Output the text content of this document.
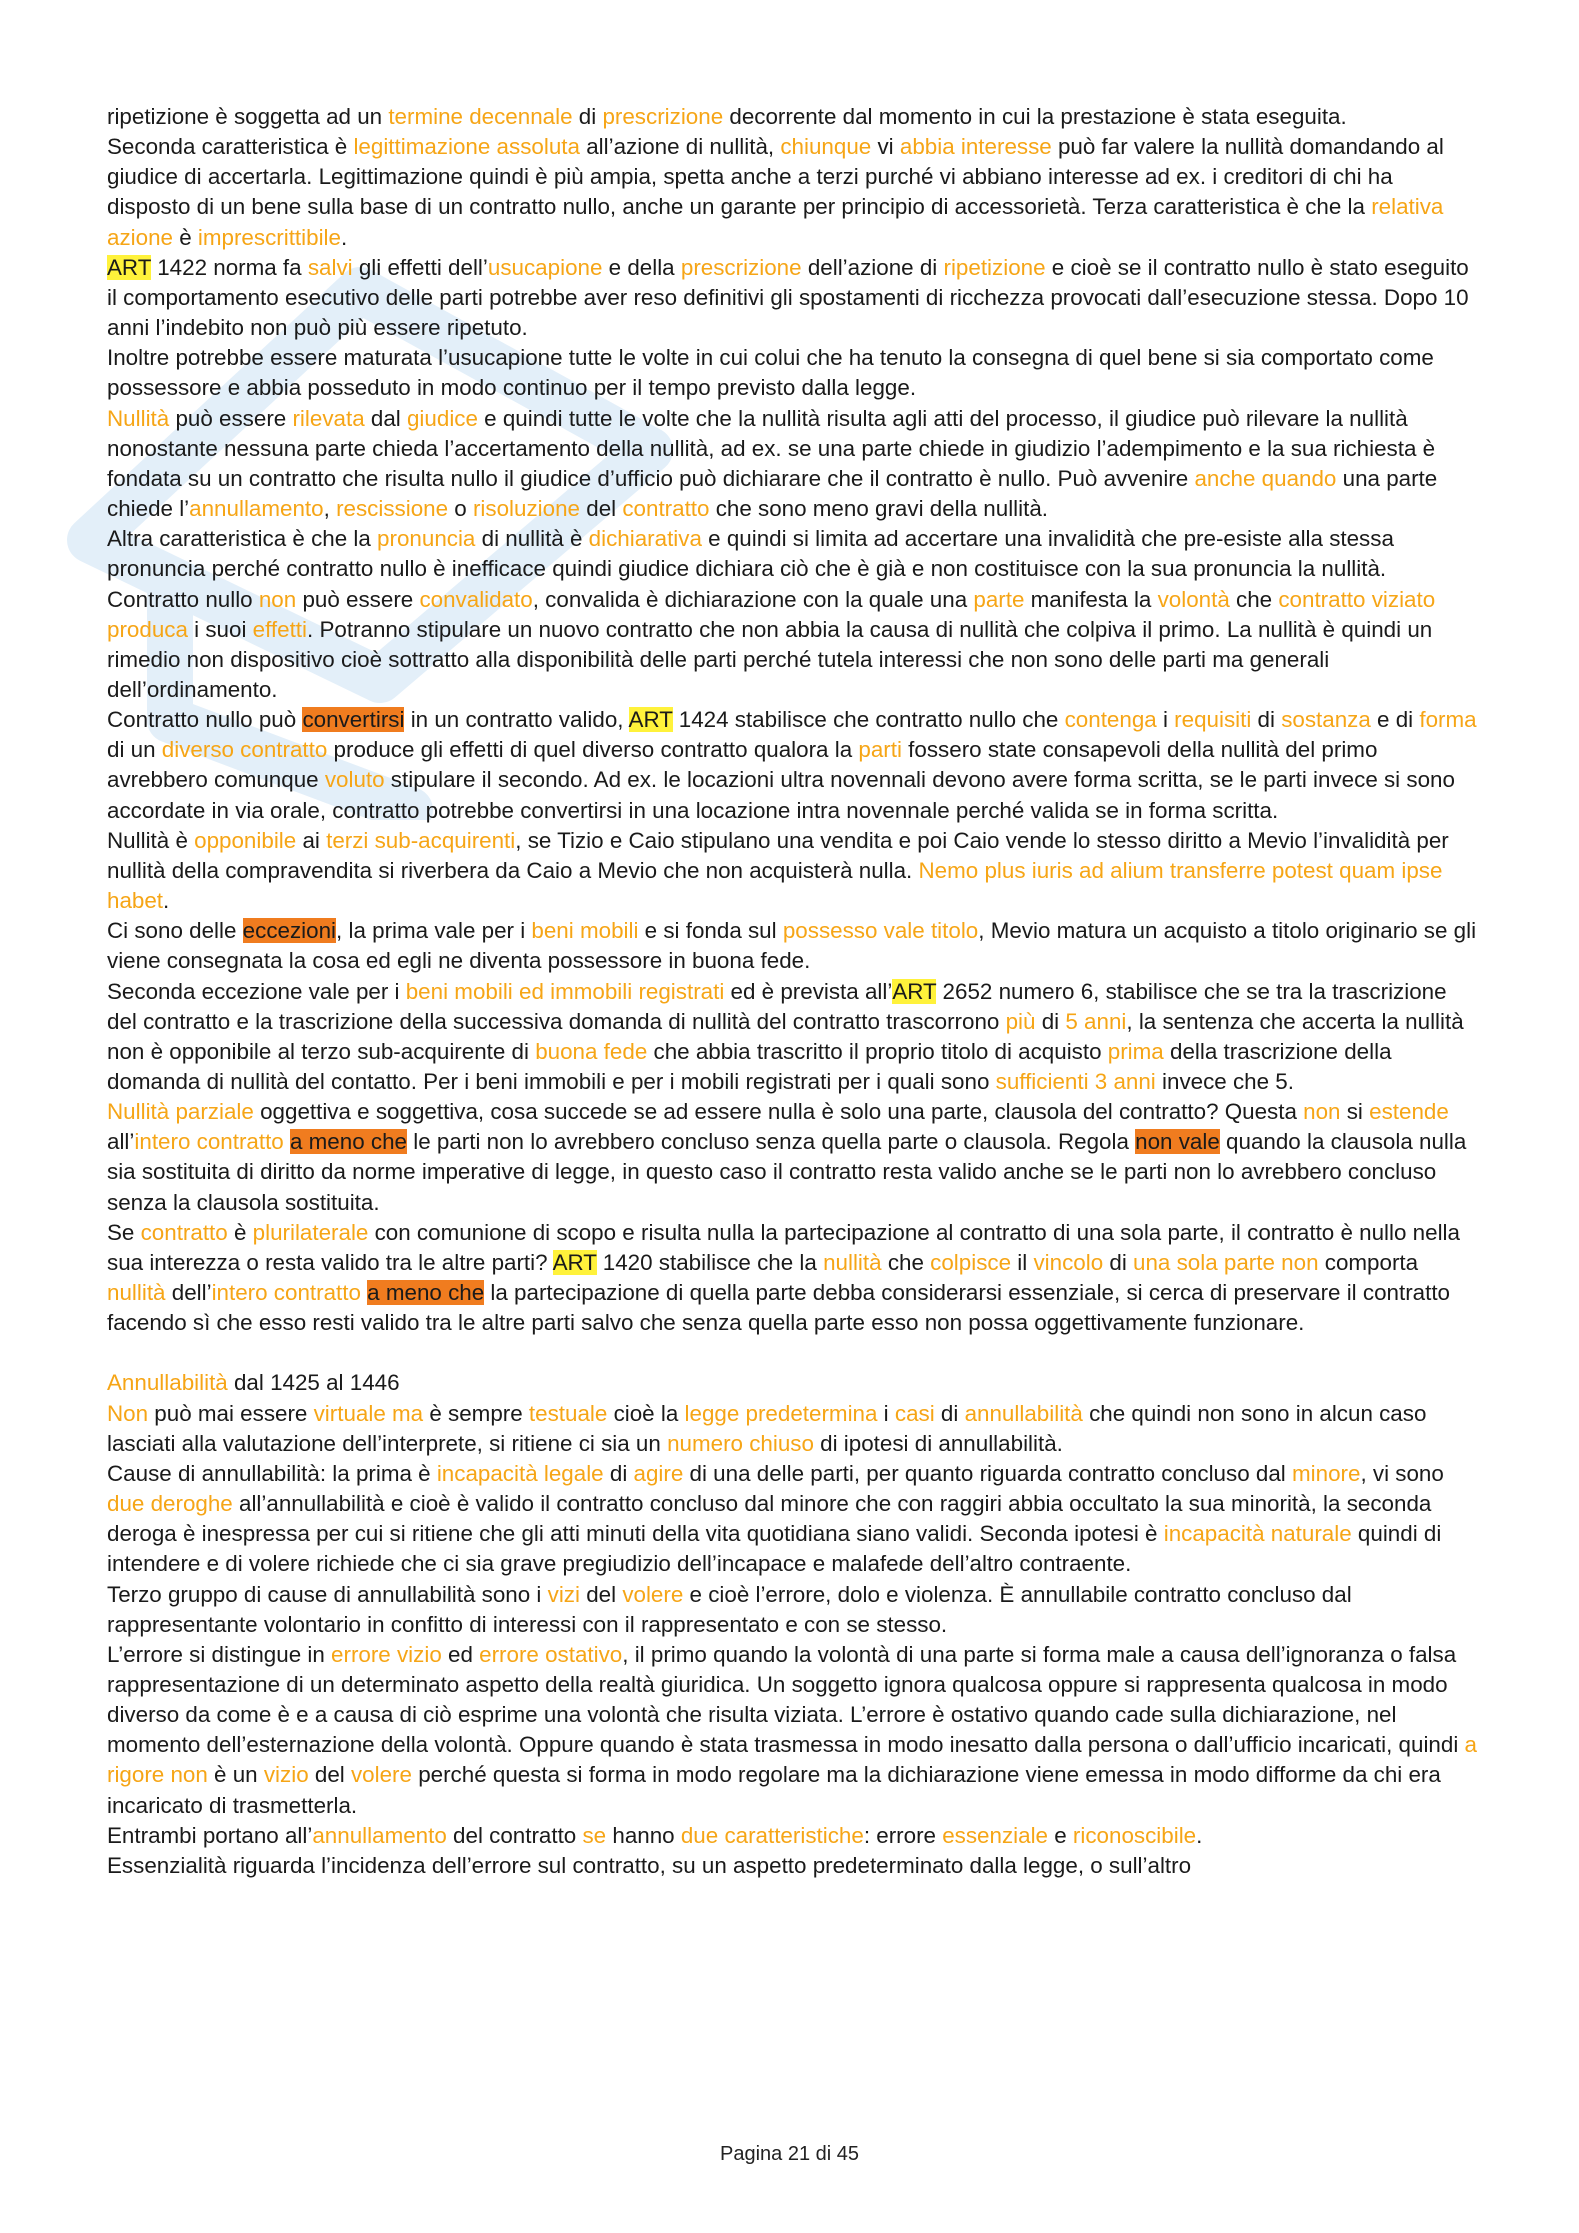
ripetizione è soggetta ad un termine decennale di prescrizione decorrente dal momento in cui la prestazione è stata eseguita.

Seconda caratteristica è legittimazione assoluta all’azione di nullità, chiunque vi abbia interesse può far valere la nullità domandando al giudice di accertarla. Legittimazione quindi è più ampia, spetta anche a terzi purché vi abbiano interesse ad ex. i creditori di chi ha disposto di un bene sulla base di un contratto nullo, anche un garante per principio di accessorietà. Terza caratteristica è che la relativa azione è imprescrittibile.

ART 1422 norma fa salvi gli effetti dell’usucapione e della prescrizione dell’azione di ripetizione e cioè se il contratto nullo è stato eseguito il comportamento esecutivo delle parti potrebbe aver reso definitivi gli spostamenti di ricchezza provocati dall’esecuzione stessa. Dopo 10 anni l’indebito non può più essere ripetuto.

Inoltre potrebbe essere maturata l’usucapione tutte le volte in cui colui che ha tenuto la consegna di quel bene si sia comportato come possessore e abbia posseduto in modo continuo per il tempo previsto dalla legge.

Nullità può essere rilevata dal giudice e quindi tutte le volte che la nullità risulta agli atti del processo, il giudice può rilevare la nullità nonostante nessuna parte chieda l’accertamento della nullità, ad ex. se una parte chiede in giudizio l’adempimento e la sua richiesta è fondata su un contratto che risulta nullo il giudice d’ufficio può dichiarare che il contratto è nullo. Può avvenire anche quando una parte chiede l’annullamento, rescissione o risoluzione del contratto che sono meno gravi della nullità.

Altra caratteristica è che la pronuncia di nullità è dichiarativa e quindi si limita ad accertare una invalidità che pre-esiste alla stessa pronuncia perché contratto nullo è inefficace quindi giudice dichiara ciò che è già e non costituisce con la sua pronuncia la nullità.

Contratto nullo non può essere convalidato, convalida è dichiarazione con la quale una parte manifesta la volontà che contratto viziato produca i suoi effetti. Potranno stipulare un nuovo contratto che non abbia la causa di nullità che colpiva il primo. La nullità è quindi un rimedio non dispositivo cioè sottratto alla disponibilità delle parti perché tutela interessi che non sono delle parti ma generali dell’ordinamento.

Contratto nullo può convertirsi in un contratto valido, ART 1424 stabilisce che contratto nullo che contenga i requisiti di sostanza e di forma di un diverso contratto produce gli effetti di quel diverso contratto qualora la parti fossero state consapevoli della nullità del primo avrebbero comunque voluto stipulare il secondo. Ad ex. le locazioni ultra novennali devono avere forma scritta, se le parti invece si sono accordate in via orale, contratto potrebbe convertirsi in una locazione intra novennale perché valida se in forma scritta.

Nullità è opponibile ai terzi sub-acquirenti, se Tizio e Caio stipulano una vendita e poi Caio vende lo stesso diritto a Mevio l’invalidità per nullità della compravendita si riverbera da Caio a Mevio che non acquisterà nulla. Nemo plus iuris ad alium transferre potest quam ipse habet.

Ci sono delle eccezioni, la prima vale per i beni mobili e si fonda sul possesso vale titolo, Mevio matura un acquisto a titolo originario se gli viene consegnata la cosa ed egli ne diventa possessore in buona fede.

Seconda eccezione vale per i beni mobili ed immobili registrati ed è prevista all’ART 2652 numero 6, stabilisce che se tra la trascrizione del contratto e la trascrizione della successiva domanda di nullità del contratto trascorrono più di 5 anni, la sentenza che accerta la nullità non è opponibile al terzo sub-acquirente di buona fede che abbia trascritto il proprio titolo di acquisto prima della trascrizione della domanda di nullità del contatto. Per i beni immobili e per i mobili registrati per i quali sono sufficienti 3 anni invece che 5.

Nullità parziale oggettiva e soggettiva, cosa succede se ad essere nulla è solo una parte, clausola del contratto? Questa non si estende all’intero contratto a meno che le parti non lo avrebbero concluso senza quella parte o clausola. Regola non vale quando la clausola nulla sia sostituita di diritto da norme imperative di legge, in questo caso il contratto resta valido anche se le parti non lo avrebbero concluso senza la clausola sostituita.

Se contratto è plurilaterale con comunione di scopo e risulta nulla la partecipazione al contratto di una sola parte, il contratto è nullo nella sua interezza o resta valido tra le altre parti? ART 1420 stabilisce che la nullità che colpisce il vincolo di una sola parte non comporta nullità dell’intero contratto a meno che la partecipazione di quella parte debba considerarsi essenziale, si cerca di preservare il contratto facendo sì che esso resti valido tra le altre parti salvo che senza quella parte esso non possa oggettivamente funzionare.

Annullabilità dal 1425 al 1446

Non può mai essere virtuale ma è sempre testuale cioè la legge predetermina i casi di annullabilità che quindi non sono in alcun caso lasciati alla valutazione dell’interprete, si ritiene ci sia un numero chiuso di ipotesi di annullabilità.

Cause di annullabilità: la prima è incapacità legale di agire di una delle parti, per quanto riguarda contratto concluso dal minore, vi sono due deroghe all’annullabilità e cioè è valido il contratto concluso dal minore che con raggiri abbia occultato la sua minorità, la seconda deroga è inespressa per cui si ritiene che gli atti minuti della vita quotidiana siano validi. Seconda ipotesi è incapacità naturale quindi di intendere e di volere richiede che ci sia grave pregiudizio dell’incapace e malafede dell’altro contraente.

Terzo gruppo di cause di annullabilità sono i vizi del volere e cioè l’errore, dolo e violenza. È annullabile contratto concluso dal rappresentante volontario in confitto di interessi con il rappresentato e con se stesso.

L’errore si distingue in errore vizio ed errore ostativo, il primo quando la volontà di una parte si forma male a causa dell’ignoranza o falsa rappresentazione di un determinato aspetto della realtà giuridica. Un soggetto ignora qualcosa oppure si rappresenta qualcosa in modo diverso da come è e a causa di ciò esprime una volontà che risulta viziata. L’errore è ostativo quando cade sulla dichiarazione, nel momento dell’esternazione della volontà. Oppure quando è stata trasmessa in modo inesatto dalla persona o dall’ufficio incaricati, quindi a rigore non è un vizio del volere perché questa si forma in modo regolare ma la dichiarazione viene emessa in modo difforme da chi era incaricato di trasmetterla.

Entrambi portano all’annullamento del contratto se hanno due caratteristiche: errore essenziale e riconoscibile.

Essenzialità riguarda l’incidenza dell’errore sul contratto, su un aspetto predeterminato dalla legge, o sull’altro

Pagina 21 di 45
